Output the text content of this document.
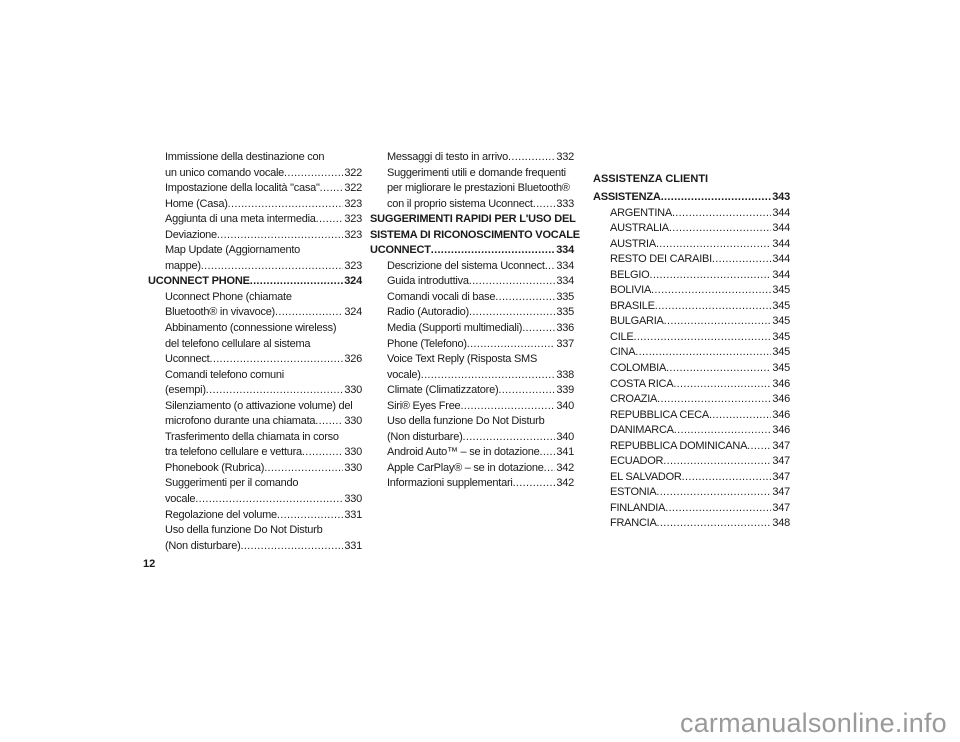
Immissione della destinazione con
un unico comando vocale .....	322
Impostazione della località "casa" ..... 322
Home (Casa) .....	323
Aggiunta di una meta intermedia .....	323
Deviazione .....	323
Map Update (Aggiornamento
mappe) .....	323
UCONNECT PHONE .....	324
Uconnect Phone (chiamate
Bluetooth® in vivavoce) .....	324
Abbinamento (connessione wireless)
del telefono cellulare al sistema
Uconnect .....	326
Comandi telefono comuni
(esempi) .....	330
Silenziamento (o attivazione volume) del
microfono durante una chiamata .....	330
Trasferimento della chiamata in corso
tra telefono cellulare e vettura .....	330
Phonebook (Rubrica) .....	330
Suggerimenti per il comando
vocale .....	330
Regolazione del volume .....	331
Uso della funzione Do Not Disturb
(Non disturbare) .....	331
Messaggi di testo in arrivo .....	332
Suggerimenti utili e domande frequenti
per migliorare le prestazioni Bluetooth®
con il proprio sistema Uconnect ..... 333
SUGGERIMENTI RAPIDI PER L'USO DEL
SISTEMA DI RICONOSCIMENTO VOCALE
UCONNECT .....	334
Descrizione del sistema Uconnect ..... 334
Guida introduttiva .....	334
Comandi vocali di base .....	335
Radio (Autoradio) .....	335
Media (Supporti multimediali) .....	336
Phone (Telefono) .....	337
Voice Text Reply (Risposta SMS
vocale) .....	338
Climate (Climatizzatore) .....	339
Siri® Eyes Free .....	340
Uso della funzione Do Not Disturb
(Non disturbare) .....	340
Android Auto™ – se in dotazione ..... 341
Apple CarPlay® – se in dotazione ..... 342
Informazioni supplementari .....	342
ASSISTENZA CLIENTI
ASSISTENZA .....	343
ARGENTINA .....	344
AUSTRALIA .....	344
AUSTRIA .....	344
RESTO DEI CARAIBI .....	344
BELGIO .....	344
BOLIVIA .....	345
BRASILE .....	345
BULGARIA .....	345
CILE .....	345
CINA .....	345
COLOMBIA .....	345
COSTA RICA .....	346
CROAZIA .....	346
REPUBBLICA CECA .....	346
DANIMARCA .....	346
REPUBBLICA DOMINICANA ..... 347
ECUADOR .....	347
EL SALVADOR .....	347
ESTONIA .....	347
FINLANDIA .....	347
FRANCIA .....	348
12
carmanualsonline.info
